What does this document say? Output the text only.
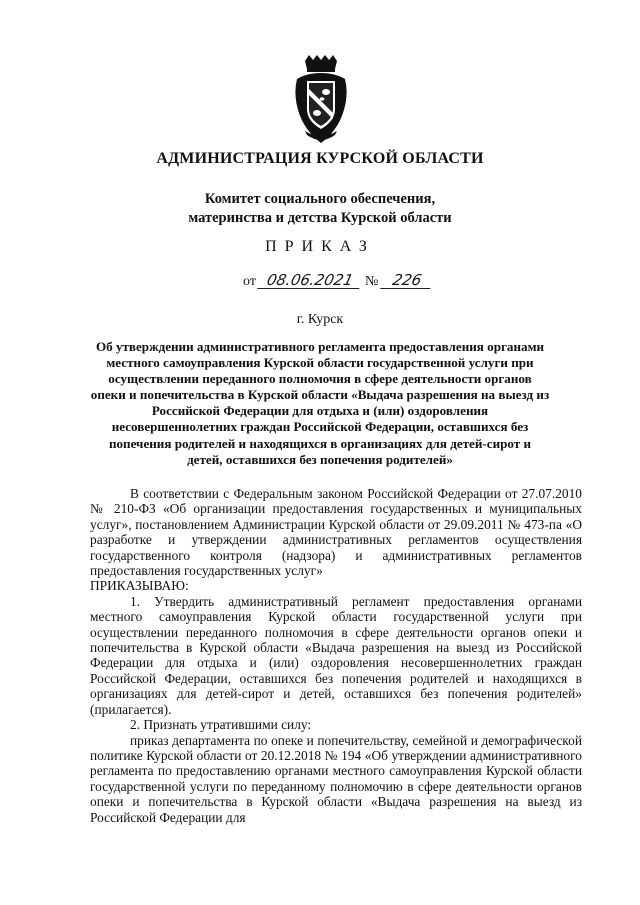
АДМИНИСТРАЦИЯ КУРСКОЙ ОБЛАСТИ
Комитет социального обеспечения,
материнства и детства Курской области
ПРИКАЗ
от 08.06.2021 № 226
г. Курск
Об утверждении административного регламента предоставления органами местного самоуправления Курской области государственной услуги при осуществлении переданного полномочия в сфере деятельности органов опеки и попечительства в Курской области «Выдача разрешения на выезд из Российской Федерации для отдыха и (или) оздоровления несовершеннолетних граждан Российской Федерации, оставшихся без попечения родителей и находящихся в организациях для детей-сирот и детей, оставшихся без попечения родителей»

В соответствии с Федеральным законом Российской Федерации от 27.07.2010 № 210-ФЗ «Об организации предоставления государственных и муниципальных услуг», постановлением Администрации Курской области от 29.09.2011 № 473-па «О разработке и утверждении административных регламентов осуществления государственного контроля (надзора) и административных регламентов предоставления государственных услуг»

ПРИКАЗЫВАЮ:

1. Утвердить административный регламент предоставления органами местного самоуправления Курской области государственной услуги при осуществлении переданного полномочия в сфере деятельности органов опеки и попечительства в Курской области «Выдача разрешения на выезд из Российской Федерации для отдыха и (или) оздоровления несовершеннолетних граждан Российской Федерации, оставшихся без попечения родителей и находящихся в организациях для детей-сирот и детей, оставшихся без попечения родителей» (прилагается).

2. Признать утратившими силу:

приказ департамента по опеке и попечительству, семейной и демографической политике Курской области от 20.12.2018 № 194 «Об утверждении административного регламента по предоставлению органами местного самоуправления Курской области государственной услуги по переданному полномочию в сфере деятельности органов опеки и попечительства в Курской области «Выдача разрешения на выезд из Российской Федерации для
